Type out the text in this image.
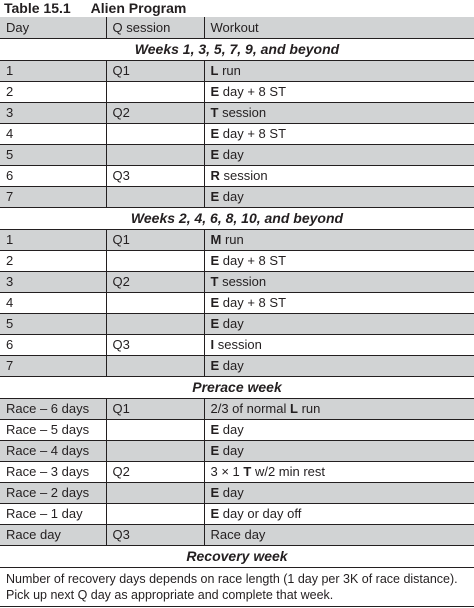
Table 15.1 Alien Program
Day	Q session	Workout
Weeks 1, 3, 5, 7, 9, and beyond		
1	Q1	L run
2		E day + 8 ST
3	Q2	T session
4		E day + 8 ST
5		E day
6	Q3	R session
7		E day
Weeks 2, 4, 6, 8, 10, and beyond		
1	Q1	M run
2		E day + 8 ST
3	Q2	T session
4		E day + 8 ST
5		E day
6	Q3	I session
7		E day
Prerace week		
Race – 6 days	Q1	2/3 of normal L run
Race – 5 days		E day
Race – 4 days		E day
Race – 3 days	Q2	3 × 1 T w/2 min rest
Race – 2 days		E day
Race – 1 day		E day or day off
Race day	Q3	Race day
Recovery week		
Number of recovery days depends on race length (1 day per 3K of race distance). Pick up next Q day as appropriate and complete that week.		
